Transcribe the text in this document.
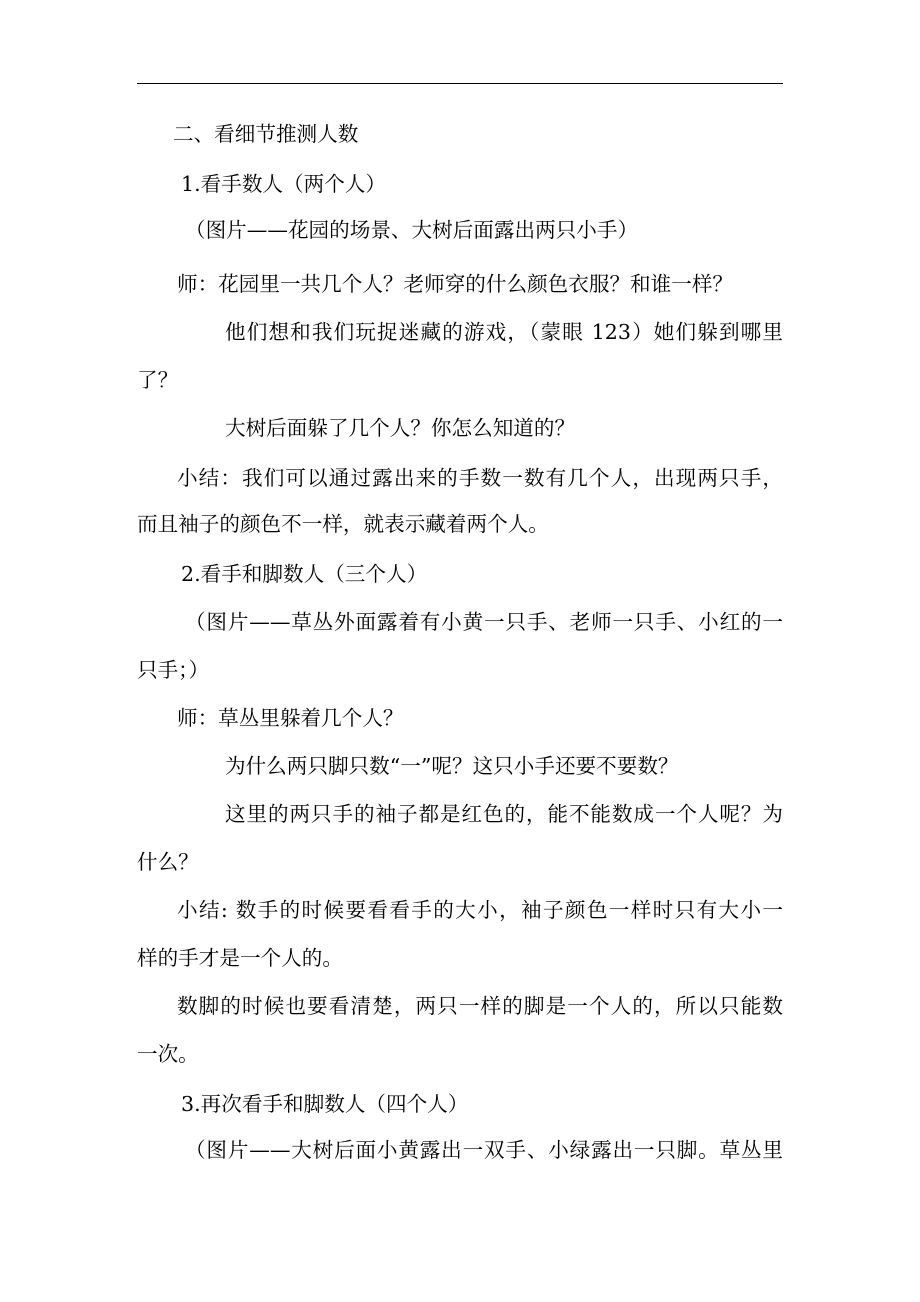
二、看细节推测人数
1.看手数人（两个人）
（图片——花园的场景、大树后面露出两只小手）
师：花园里一共几个人？老师穿的什么颜色衣服？和谁一样？
他们想和我们玩捉迷藏的游戏，（蒙眼 123）她们躲到哪里
了？
大树后面躲了几个人？你怎么知道的？
小结：我们可以通过露出来的手数一数有几个人，出现两只手，
而且袖子的颜色不一样，就表示藏着两个人。
2.看手和脚数人（三个人）
（图片——草丛外面露着有小黄一只手、老师一只手、小红的一
只手；）
师：草丛里躲着几个人？
为什么两只脚只数“一”呢？这只小手还要不要数？
这里的两只手的袖子都是红色的，能不能数成一个人呢？为
什么？
小结: 数手的时候要看看手的大小，袖子颜色一样时只有大小一
样的手才是一个人的。
数脚的时候也要看清楚，两只一样的脚是一个人的，所以只能数
一次。
3.再次看手和脚数人（四个人）
（图片——大树后面小黄露出一双手、小绿露出一只脚。草丛里
